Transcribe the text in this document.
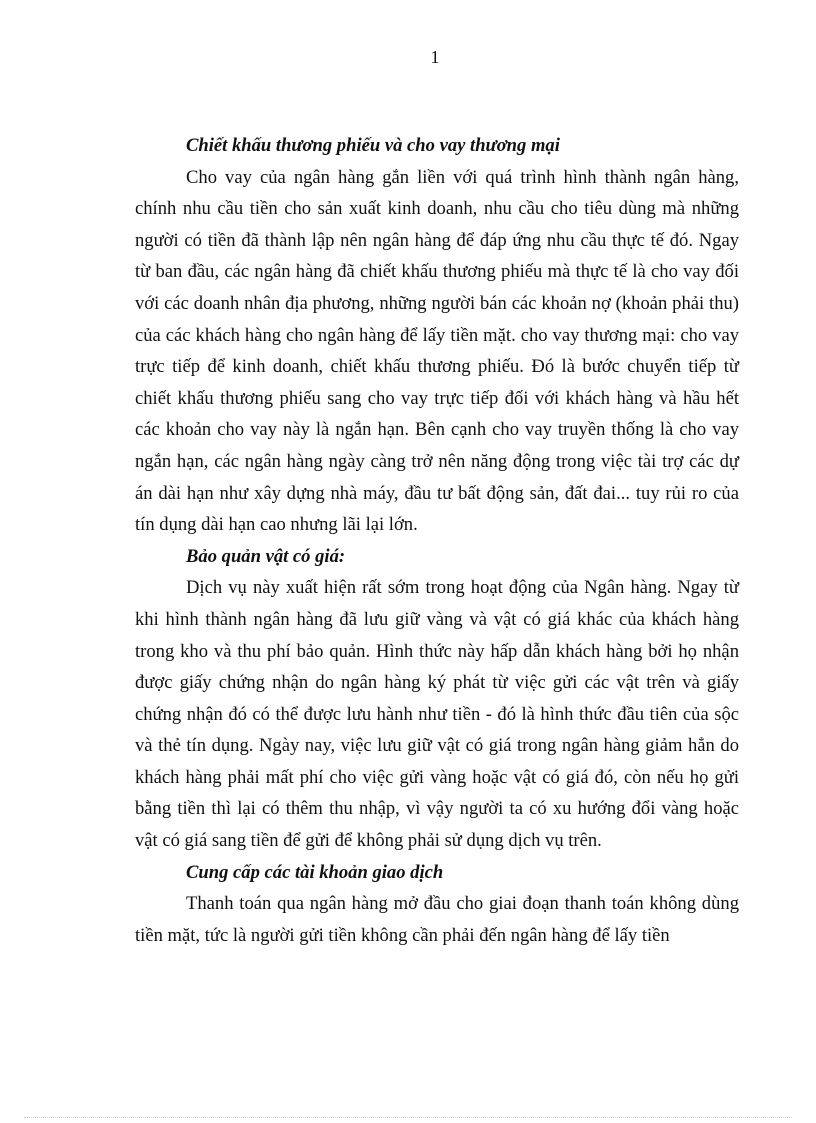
1
Chiết khấu thương phiếu và cho vay thương mại

Cho vay của ngân hàng gắn liền với quá trình hình thành ngân hàng, chính nhu cầu tiền cho sản xuất kinh doanh, nhu cầu cho tiêu dùng mà những người có tiền đã thành lập nên ngân hàng để đáp ứng nhu cầu thực tế đó. Ngay từ ban đầu, các ngân hàng đã chiết khấu thương phiếu mà thực tế là cho vay đối với các doanh nhân địa phương, những người bán các khoản nợ (khoản phải thu) của các khách hàng cho ngân hàng để lấy tiền mặt. cho vay thương mại: cho vay trực tiếp để kinh doanh, chiết khấu thương phiếu. Đó là bước chuyển tiếp từ chiết khấu thương phiếu sang cho vay trực tiếp đối với khách hàng và hầu hết các khoản cho vay này là ngắn hạn. Bên cạnh cho vay truyền thống là cho vay ngắn hạn, các ngân hàng ngày càng trở nên năng động trong việc tài trợ các dự án dài hạn như xây dựng nhà máy, đầu tư bất động sản, đất đai... tuy rủi ro của tín dụng dài hạn cao nhưng lãi lại lớn.

Bảo quản vật có giá:

Dịch vụ này xuất hiện rất sớm trong hoạt động của Ngân hàng. Ngay từ khi hình thành ngân hàng đã lưu giữ vàng và vật có giá khác của khách hàng trong kho và thu phí bảo quản. Hình thức này hấp dẫn khách hàng bởi họ nhận được giấy chứng nhận do ngân hàng ký phát từ việc gửi các vật trên và giấy chứng nhận đó có thể được lưu hành như tiền - đó là hình thức đầu tiên của sộc và thẻ tín dụng. Ngày nay, việc lưu giữ vật có giá trong ngân hàng giảm hẳn do khách hàng phải mất phí cho việc gửi vàng hoặc vật có giá đó, còn nếu họ gửi bằng tiền thì lại có thêm thu nhập, vì vậy người ta có xu hướng đổi vàng hoặc vật có giá sang tiền để gửi để không phải sử dụng dịch vụ trên.

Cung cấp các tài khoản giao dịch

Thanh toán qua ngân hàng mở đầu cho giai đoạn thanh toán không dùng tiền mặt, tức là người gửi tiền không cần phải đến ngân hàng để lấy tiền
